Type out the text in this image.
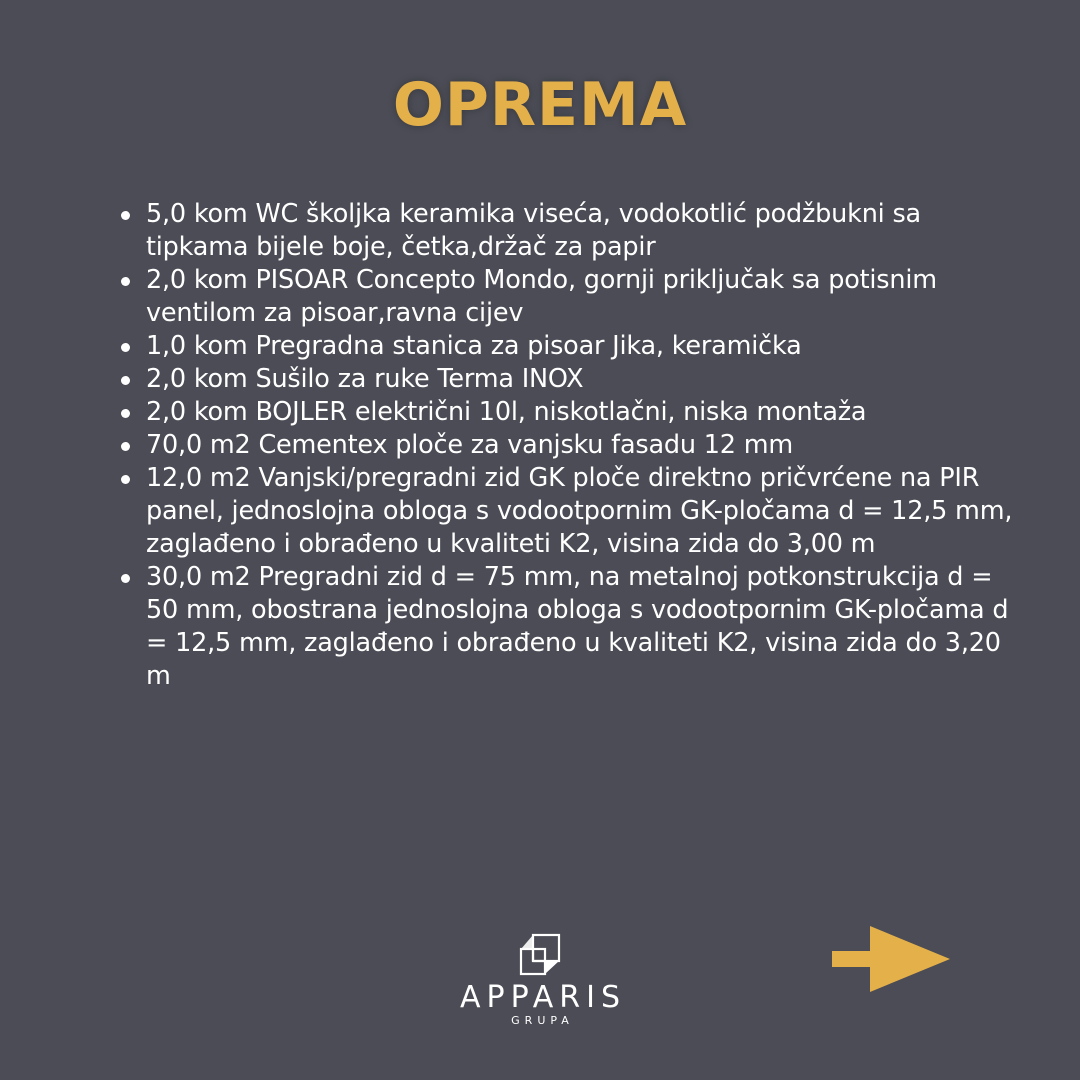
OPREMA
5,0 kom WC školjka keramika viseća, vodokotlić podžbukni sa tipkama bijele boje, četka,držač za papir
2,0 kom PISOAR Concepto Mondo, gornji priključak sa potisnim ventilom za pisoar,ravna cijev
1,0 kom Pregradna stanica za pisoar Jika, keramička
2,0 kom Sušilo za ruke Terma INOX
2,0 kom BOJLER električni 10l, niskotlačni, niska montaža
70,0 m2 Cementex ploče za vanjsku fasadu 12 mm
12,0 m2 Vanjski/pregradni zid GK ploče direktno pričvrćene na PIR panel, jednoslojna obloga s vodootpornim GK-pločama d = 12,5 mm, zaglađeno i obrađeno u kvaliteti K2, visina zida do 3,00 m
30,0 m2 Pregradni zid d = 75 mm, na metalnoj potkonstrukcija d = 50 mm, obostrana jednoslojna obloga s vodootpornim GK-pločama d = 12,5 mm, zaglađeno i obrađeno u kvaliteti K2, visina zida do 3,20 m
APPARIS
GRUPA
